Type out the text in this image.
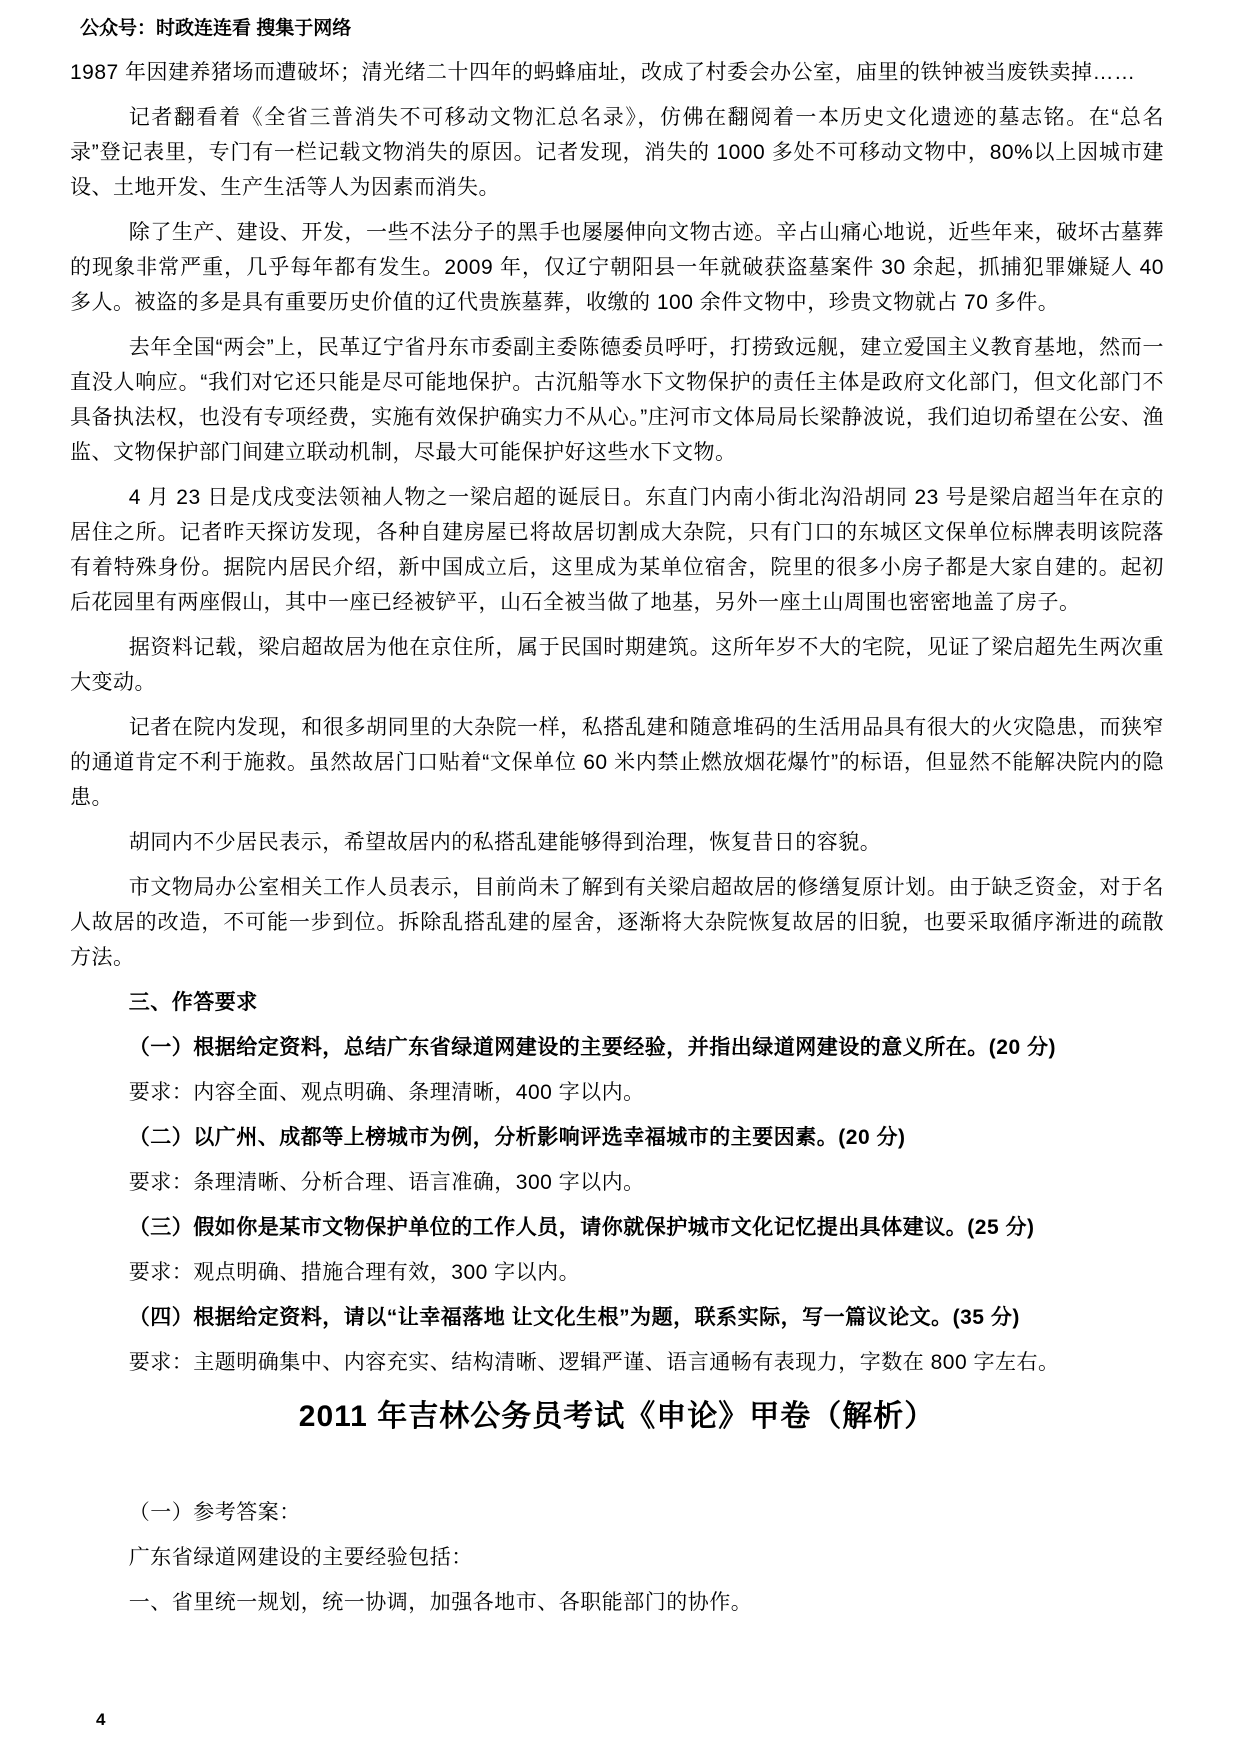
公众号：时政连连看 搜集于网络

1987 年因建养猪场而遭破坏；清光绪二十四年的蚂蜂庙址，改成了村委会办公室，庙里的铁钟被当废铁卖掉……

记者翻看着《全省三普消失不可移动文物汇总名录》，仿佛在翻阅着一本历史文化遗迹的墓志铭。在“总名录”登记表里，专门有一栏记载文物消失的原因。记者发现，消失的 1000 多处不可移动文物中，80%以上因城市建设、土地开发、生产生活等人为因素而消失。

除了生产、建设、开发，一些不法分子的黑手也屡屡伸向文物古迹。辛占山痛心地说，近些年来，破坏古墓葬的现象非常严重，几乎每年都有发生。2009 年，仅辽宁朝阳县一年就破获盗墓案件 30 余起，抓捕犯罪嫌疑人 40 多人。被盗的多是具有重要历史价值的辽代贵族墓葬，收缴的 100 余件文物中，珍贵文物就占 70 多件。

去年全国“两会”上，民革辽宁省丹东市委副主委陈德委员呼吁，打捞致远舰，建立爱国主义教育基地，然而一直没人响应。“我们对它还只能是尽可能地保护。古沉船等水下文物保护的责任主体是政府文化部门，但文化部门不具备执法权，也没有专项经费，实施有效保护确实力不从心。”庄河市文体局局长梁静波说，我们迫切希望在公安、渔监、文物保护部门间建立联动机制，尽最大可能保护好这些水下文物。

4 月 23 日是戊戌变法领袖人物之一梁启超的诞辰日。东直门内南小街北沟沿胡同 23 号是梁启超当年在京的居住之所。记者昨天探访发现，各种自建房屋已将故居切割成大杂院，只有门口的东城区文保单位标牌表明该院落有着特殊身份。据院内居民介绍，新中国成立后，这里成为某单位宿舍，院里的很多小房子都是大家自建的。起初后花园里有两座假山，其中一座已经被铲平，山石全被当做了地基，另外一座土山周围也密密地盖了房子。

据资料记载，梁启超故居为他在京住所，属于民国时期建筑。这所年岁不大的宅院，见证了梁启超先生两次重大变动。

记者在院内发现，和很多胡同里的大杂院一样，私搭乱建和随意堆码的生活用品具有很大的火灾隐患，而狭窄的通道肯定不利于施救。虽然故居门口贴着“文保单位 60 米内禁止燃放烟花爆竹”的标语，但显然不能解决院内的隐患。

胡同内不少居民表示，希望故居内的私搭乱建能够得到治理，恢复昔日的容貌。

市文物局办公室相关工作人员表示，目前尚未了解到有关梁启超故居的修缮复原计划。由于缺乏资金，对于名人故居的改造，不可能一步到位。拆除乱搭乱建的屋舍，逐渐将大杂院恢复故居的旧貌，也要采取循序渐进的疏散方法。

三、作答要求

（一）根据给定资料，总结广东省绿道网建设的主要经验，并指出绿道网建设的意义所在。(20 分)

要求：内容全面、观点明确、条理清晰，400 字以内。

（二）以广州、成都等上榜城市为例，分析影响评选幸福城市的主要因素。(20 分)

要求：条理清晰、分析合理、语言准确，300 字以内。

（三）假如你是某市文物保护单位的工作人员，请你就保护城市文化记忆提出具体建议。(25 分)

要求：观点明确、措施合理有效，300 字以内。

（四）根据给定资料，请以“让幸福落地 让文化生根”为题，联系实际，写一篇议论文。(35 分)

要求：主题明确集中、内容充实、结构清晰、逻辑严谨、语言通畅有表现力，字数在 800 字左右。

2011 年吉林公务员考试《申论》甲卷（解析）

（一）参考答案：

广东省绿道网建设的主要经验包括：

一、省里统一规划，统一协调，加强各地市、各职能部门的协作。

4
